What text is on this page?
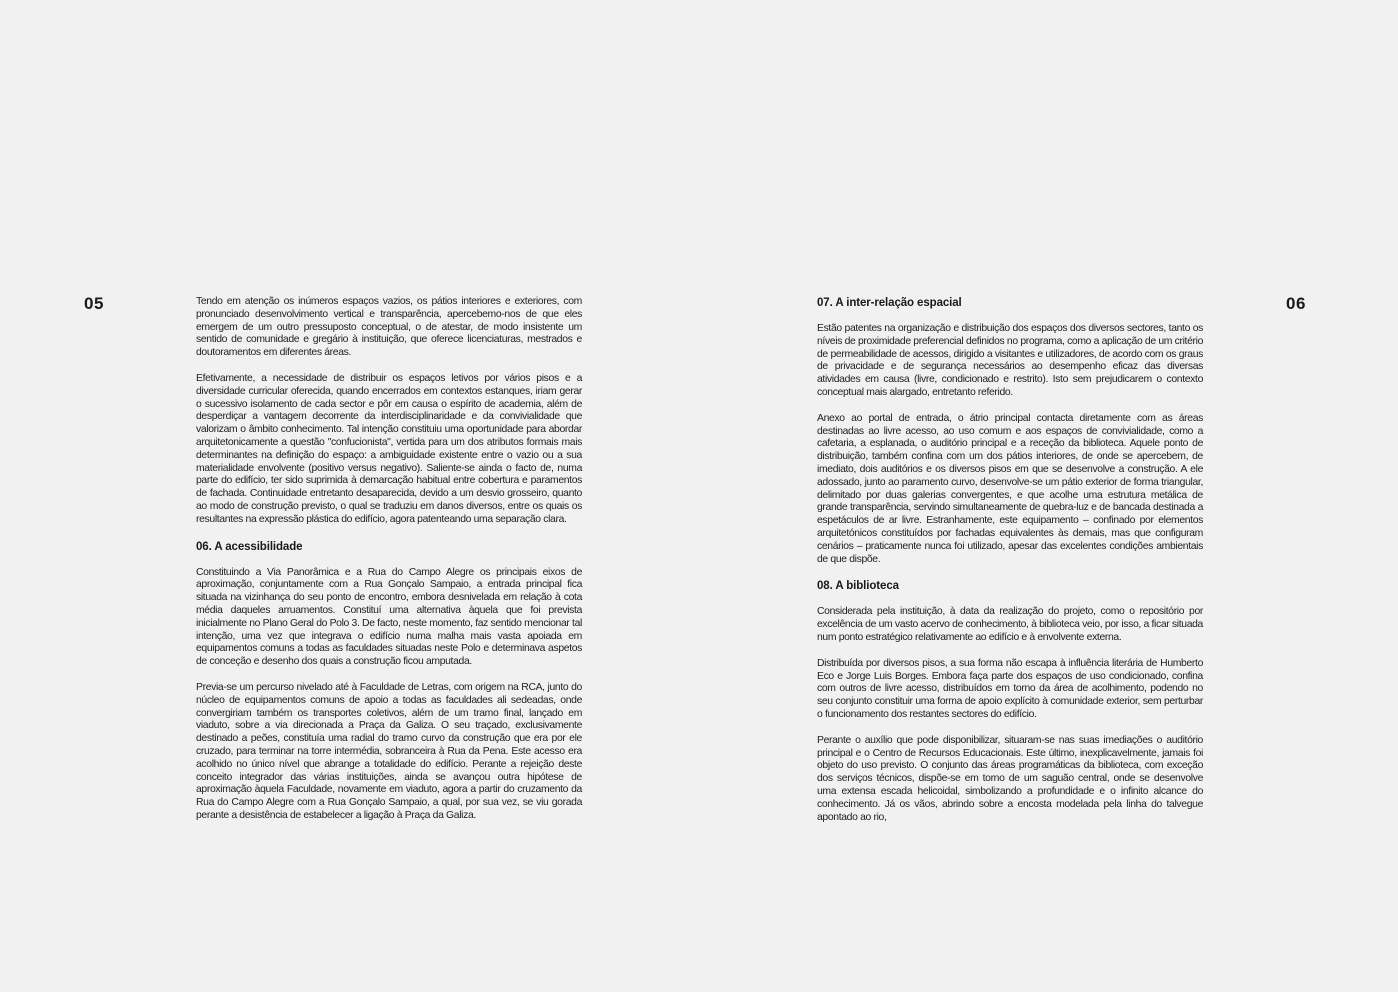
05	06

Tendo em atenção os inúmeros espaços vazios, os pátios interiores e exteriores, com pronunciado desenvolvimento vertical e transparência, apercebemo-nos de que eles emergem de um outro pressuposto conceptual, o de atestar, de modo insistente um sentido de comunidade e gregário à instituição, que oferece licenciaturas, mestrados e doutoramentos em diferentes áreas.

Efetivamente, a necessidade de distribuir os espaços letivos por vários pisos e a diversidade curricular oferecida, quando encerrados em contextos estanques, iriam gerar o sucessivo isolamento de cada sector e pôr em causa o espírito de academia, além de desperdiçar a vantagem decorrente da interdisciplinaridade e da convivialidade que valorizam o âmbito conhecimento. Tal intenção constituiu uma oportunidade para abordar arquitetonicamente a questão "confucionista", vertida para um dos atributos formais mais determinantes na definição do espaço: a ambiguidade existente entre o vazio ou a sua materialidade envolvente (positivo versus negativo). Saliente-se ainda o facto de, numa parte do edifício, ter sido suprimida à demarcação habitual entre cobertura e paramentos de fachada. Continuidade entretanto desaparecida, devido a um desvio grosseiro, quanto ao modo de construção previsto, o qual se traduziu em danos diversos, entre os quais os resultantes na expressão plástica do edifício, agora patenteando uma separação clara.

06. A acessibilidade

Constituindo a Via Panorâmica e a Rua do Campo Alegre os principais eixos de aproximação, conjuntamente com a Rua Gonçalo Sampaio, a entrada principal fica situada na vizinhança do seu ponto de encontro, embora desnivelada em relação à cota média daqueles arruamentos. Constituí uma alternativa àquela que foi prevista inicialmente no Plano Geral do Polo 3. De facto, neste momento, faz sentido mencionar tal intenção, uma vez que integrava o edifício numa malha mais vasta apoiada em equipamentos comuns a todas as faculdades situadas neste Polo e determinava aspetos de conceção e desenho dos quais a construção ficou amputada.

Previa-se um percurso nivelado até à Faculdade de Letras, com origem na RCA, junto do núcleo de equipamentos comuns de apoio a todas as faculdades ali sedeadas, onde convergiriam também os transportes coletivos, além de um tramo final, lançado em viaduto, sobre a via direcionada a Praça da Galiza. O seu traçado, exclusivamente destinado a peões, constituía uma radial do tramo curvo da construção que era por ele cruzado, para terminar na torre intermédia, sobranceira à Rua da Pena. Este acesso era acolhido no único nível que abrange a totalidade do edifício. Perante a rejeição deste conceito integrador das várias instituições, ainda se avançou outra hipótese de aproximação àquela Faculdade, novamente em viaduto, agora a partir do cruzamento da Rua do Campo Alegre com a Rua Gonçalo Sampaio, a qual, por sua vez, se viu gorada perante a desistência de estabelecer a ligação à Praça da Galiza.

07. A inter-relação espacial

Estão patentes na organização e distribuição dos espaços dos diversos sectores, tanto os níveis de proximidade preferencial definidos no programa, como a aplicação de um critério de permeabilidade de acessos, dirigido a visitantes e utilizadores, de acordo com os graus de privacidade e de segurança necessários ao desempenho eficaz das diversas atividades em causa (livre, condicionado e restrito). Isto sem prejudicarem o contexto conceptual mais alargado, entretanto referido.

Anexo ao portal de entrada, o átrio principal contacta diretamente com as áreas destinadas ao livre acesso, ao uso comum e aos espaços de convivialidade, como a cafetaria, a esplanada, o auditório principal e a receção da biblioteca. Aquele ponto de distribuição, também confina com um dos pátios interiores, de onde se apercebem, de imediato, dois auditórios e os diversos pisos em que se desenvolve a construção. A ele adossado, junto ao paramento curvo, desenvolve-se um pátio exterior de forma triangular, delimitado por duas galerias convergentes, e que acolhe uma estrutura metálica de grande transparência, servindo simultaneamente de quebra-luz e de bancada destinada a espetáculos de ar livre. Estranhamente, este equipamento – confinado por elementos arquitetónicos constituídos por fachadas equivalentes às demais, mas que configuram cenários – praticamente nunca foi utilizado, apesar das excelentes condições ambientais de que dispõe.

08. A biblioteca

Considerada pela instituição, à data da realização do projeto, como o repositório por excelência de um vasto acervo de conhecimento, à biblioteca veio, por isso, a ficar situada num ponto estratégico relativamente ao edifício e à envolvente externa.

Distribuída por diversos pisos, a sua forma não escapa à influência literária de Humberto Eco e Jorge Luis Borges. Embora faça parte dos espaços de uso condicionado, confina com outros de livre acesso, distribuídos em torno da área de acolhimento, podendo no seu conjunto constituir uma forma de apoio explícito à comunidade exterior, sem perturbar o funcionamento dos restantes sectores do edifício.

Perante o auxílio que pode disponibilizar, situaram-se nas suas imediações o auditório principal e o Centro de Recursos Educacionais. Este último, inexplicavelmente, jamais foi objeto do uso previsto. O conjunto das áreas programáticas da biblioteca, com exceção dos serviços técnicos, dispõe-se em torno de um saguão central, onde se desenvolve uma extensa escada helicoidal, simbolizando a profundidade e o infinito alcance do conhecimento. Já os vãos, abrindo sobre a encosta modelada pela linha do talvegue apontado ao rio,
